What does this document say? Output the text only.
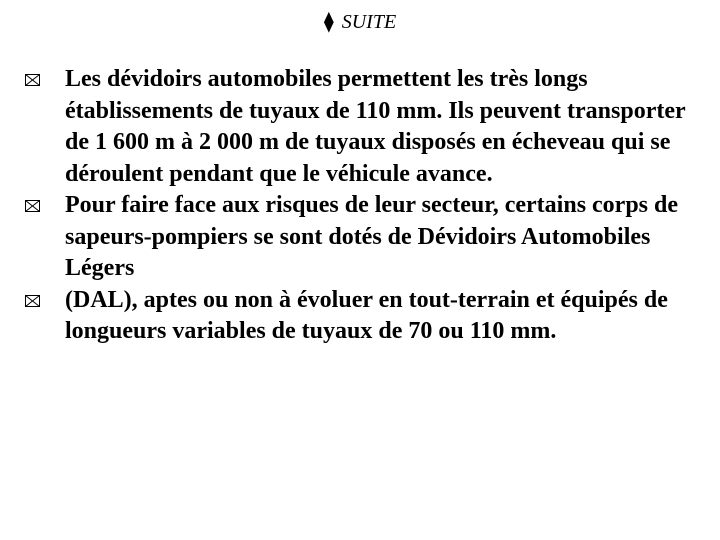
⧫ SUITE
Les dévidoirs automobiles permettent les très longs établissements de tuyaux de 110 mm. Ils peuvent transporter de 1 600 m à 2 000 m de tuyaux disposés en écheveau qui se déroulent pendant que le véhicule avance.
Pour faire face aux risques de leur secteur, certains corps de sapeurs-pompiers se sont dotés de Dévidoirs Automobiles Légers
(DAL), aptes ou non à évoluer en tout-terrain et équipés de longueurs variables de tuyaux de 70 ou 110 mm.
